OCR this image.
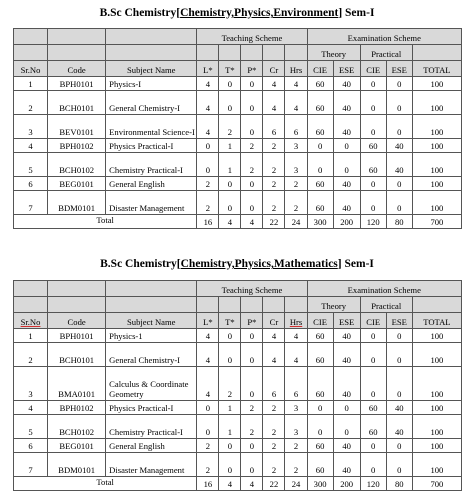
B.Sc Chemistry[Chemistry,Physics,Environment] Sem-I
			Teaching Scheme					Examination Scheme				
								Theory		Practical		
Sr.No	Code	Subject Name	L*	T*	P*	Cr	Hrs	CIE	ESE	CIE	ESE	TOTAL
1	BPH0101	Physics-I	4	0	0	4	4	60	40	0	0	100
2	BCH0101	General Chemistry-I	4	0	0	4	4	60	40	0	0	100
3	BEV0101	Environmental Science-I	4	2	0	6	6	60	40	0	0	100
4	BPH0102	Physics Practical-I	0	1	2	2	3	0	0	60	40	100
5	BCH0102	Chemistry Practical-I	0	1	2	2	3	0	0	60	40	100
6	BEG0101	General English	2	0	0	2	2	60	40	0	0	100
7	BDM0101	Disaster Management	2	0	0	2	2	60	40	0	0	100
Total			16	4	4	22	24	300	200	120	80	700
B.Sc Chemistry[Chemistry,Physics,Mathematics] Sem-I
			Teaching Scheme					Examination Scheme				
								Theory		Practical		
Sr.No	Code	Subject Name	L*	T*	P*	Cr	Hrs	CIE	ESE	CIE	ESE	TOTAL
1	BPH0101	Physics-1	4	0	0	4	4	60	40	0	0	100
2	BCH0101	General Chemistry-I	4	0	0	4	4	60	40	0	0	100
3	BMA0101	Calculus & Coordinate Geometry	4	2	0	6	6	60	40	0	0	100
4	BPH0102	Physics Practical-I	0	1	2	2	3	0	0	60	40	100
5	BCH0102	Chemistry Practical-I	0	1	2	2	3	0	0	60	40	100
6	BEG0101	General English	2	0	0	2	2	60	40	0	0	100
7	BDM0101	Disaster Management	2	0	0	2	2	60	40	0	0	100
Total			16	4	4	22	24	300	200	120	80	700
